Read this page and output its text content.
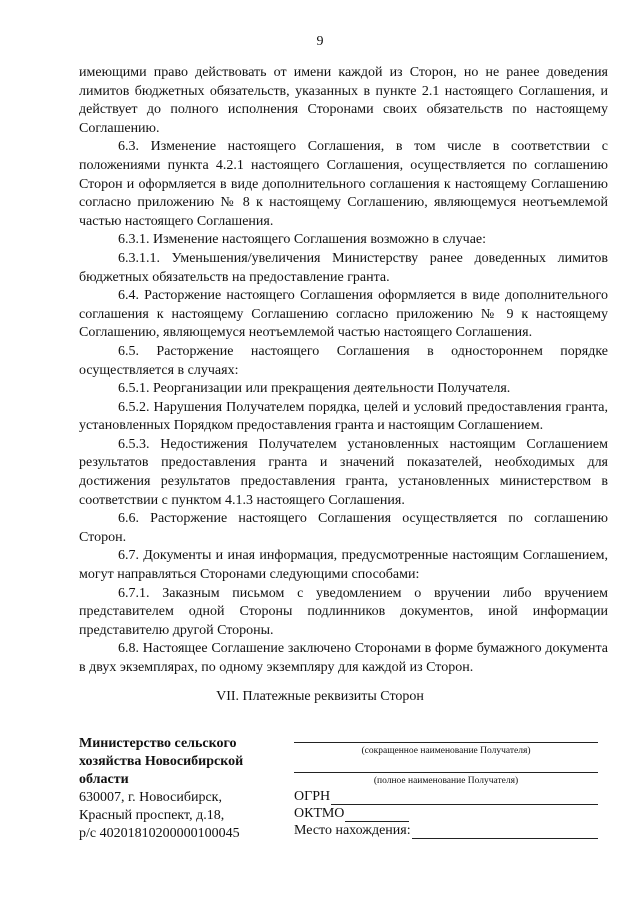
9

имеющими право действовать от имени каждой из Сторон, но не ранее доведения лимитов бюджетных обязательств, указанных в пункте 2.1 настоящего Соглашения, и действует до полного исполнения Сторонами своих обязательств по настоящему Соглашению.

6.3. Изменение настоящего Соглашения, в том числе в соответствии с положениями пункта 4.2.1 настоящего Соглашения, осуществляется по соглашению Сторон и оформляется в виде дополнительного соглашения к настоящему Соглашению согласно приложению № 8 к настоящему Соглашению, являющемуся неотъемлемой частью настоящего Соглашения.

6.3.1. Изменение настоящего Соглашения возможно в случае:

6.3.1.1. Уменьшения/увеличения Министерству ранее доведенных лимитов бюджетных обязательств на предоставление гранта.

6.4. Расторжение настоящего Соглашения оформляется в виде дополнительного соглашения к настоящему Соглашению согласно приложению № 9 к настоящему Соглашению, являющемуся неотъемлемой частью настоящего Соглашения.

6.5. Расторжение настоящего Соглашения в одностороннем порядке осуществляется в случаях:

6.5.1. Реорганизации или прекращения деятельности Получателя.

6.5.2. Нарушения Получателем порядка, целей и условий предоставления гранта, установленных Порядком предоставления гранта и настоящим Соглашением.

6.5.3. Недостижения Получателем установленных настоящим Соглашением результатов предоставления гранта и значений показателей, необходимых для достижения результатов предоставления гранта, установленных министерством в соответствии с пунктом 4.1.3 настоящего Соглашения.

6.6. Расторжение настоящего Соглашения осуществляется по соглашению Сторон.

6.7. Документы и иная информация, предусмотренные настоящим Соглашением, могут направляться Сторонами следующими способами:

6.7.1. Заказным письмом с уведомлением о вручении либо вручением представителем одной Стороны подлинников документов, иной информации представителю другой Стороны.

6.8. Настоящее Соглашение заключено Сторонами в форме бумажного документа в двух экземплярах, по одному экземпляру для каждой из Сторон.

VII. Платежные реквизиты Сторон
Министерство сельского
хозяйства Новосибирской
области
630007, г. Новосибирск,
Красный проспект, д.18,
р/с 40201810200000100045
(сокращенное наименование Получателя)
(полное наименование Получателя)
ОГРН
ОКТМО
Место нахождения:
